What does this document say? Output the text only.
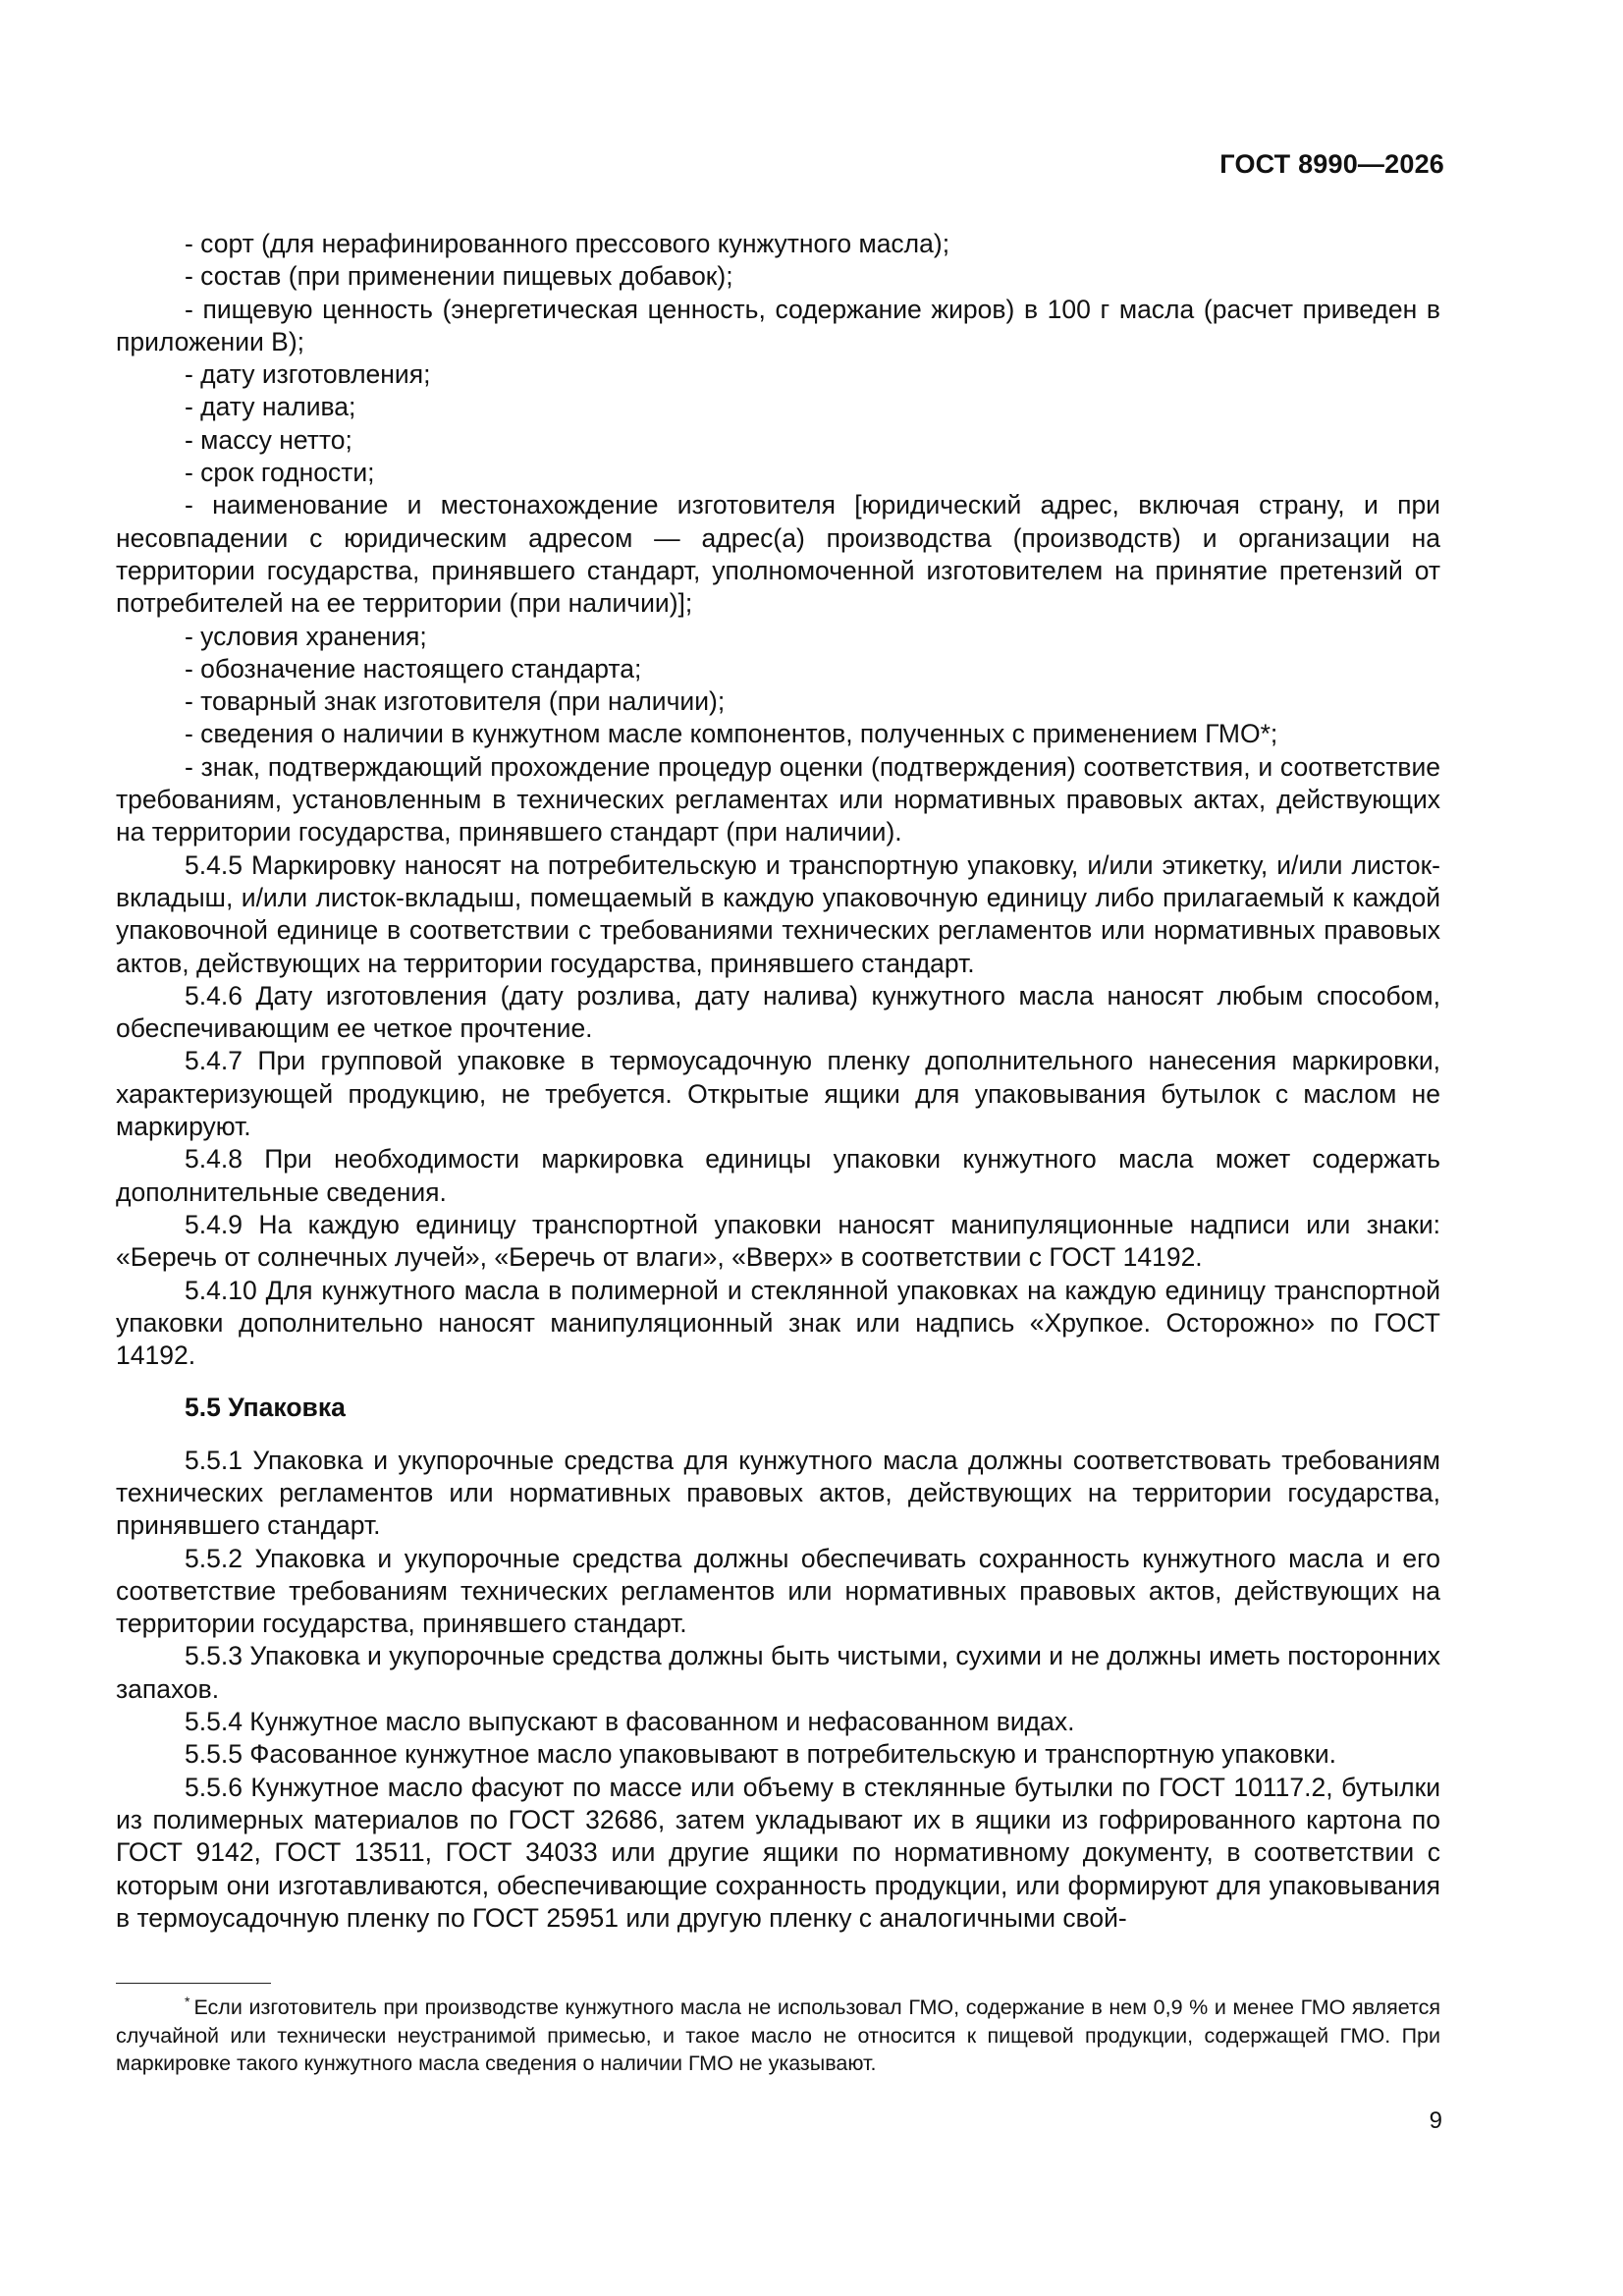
ГОСТ 8990—2026

- сорт (для нерафинированного прессового кунжутного масла);

- состав (при применении пищевых добавок);

- пищевую ценность (энергетическая ценность, содержание жиров) в 100 г масла (расчет приведен в приложении В);

- дату изготовления;

- дату налива;

- массу нетто;

- срок годности;

- наименование и местонахождение изготовителя [юридический адрес, включая страну, и при несовпадении с юридическим адресом — адрес(а) производства (производств) и организации на территории государства, принявшего стандарт, уполномоченной изготовителем на принятие претензий от потребителей на ее территории (при наличии)];

- условия хранения;

- обозначение настоящего стандарта;

- товарный знак изготовителя (при наличии);

- сведения о наличии в кунжутном масле компонентов, полученных с применением ГМО*;

- знак, подтверждающий прохождение процедур оценки (подтверждения) соответствия, и соответствие требованиям, установленным в технических регламентах или нормативных правовых актах, действующих на территории государства, принявшего стандарт (при наличии).

5.4.5 Маркировку наносят на потребительскую и транспортную упаковку, и/или этикетку, и/или листок-вкладыш, и/или листок-вкладыш, помещаемый в каждую упаковочную единицу либо прилагаемый к каждой упаковочной единице в соответствии с требованиями технических регламентов или нормативных правовых актов, действующих на территории государства, принявшего стандарт.

5.4.6 Дату изготовления (дату розлива, дату налива) кунжутного масла наносят любым способом, обеспечивающим ее четкое прочтение.

5.4.7 При групповой упаковке в термоусадочную пленку дополнительного нанесения маркировки, характеризующей продукцию, не требуется. Открытые ящики для упаковывания бутылок с маслом не маркируют.

5.4.8 При необходимости маркировка единицы упаковки кунжутного масла может содержать дополнительные сведения.

5.4.9 На каждую единицу транспортной упаковки наносят манипуляционные надписи или знаки: «Беречь от солнечных лучей», «Беречь от влаги», «Вверх» в соответствии с ГОСТ 14192.

5.4.10 Для кунжутного масла в полимерной и стеклянной упаковках на каждую единицу транспортной упаковки дополнительно наносят манипуляционный знак или надпись «Хрупкое. Осторожно» по ГОСТ 14192.

5.5 Упаковка

5.5.1 Упаковка и укупорочные средства для кунжутного масла должны соответствовать требованиям технических регламентов или нормативных правовых актов, действующих на территории государства, принявшего стандарт.

5.5.2 Упаковка и укупорочные средства должны обеспечивать сохранность кунжутного масла и его соответствие требованиям технических регламентов или нормативных правовых актов, действующих на территории государства, принявшего стандарт.

5.5.3 Упаковка и укупорочные средства должны быть чистыми, сухими и не должны иметь посторонних запахов.

5.5.4 Кунжутное масло выпускают в фасованном и нефасованном видах.

5.5.5 Фасованное кунжутное масло упаковывают в потребительскую и транспортную упаковки.

5.5.6 Кунжутное масло фасуют по массе или объему в стеклянные бутылки по ГОСТ 10117.2, бутылки из полимерных материалов по ГОСТ 32686, затем укладывают их в ящики из гофрированного картона по ГОСТ 9142, ГОСТ 13511, ГОСТ 34033 или другие ящики по нормативному документу, в соответствии с которым они изготавливаются, обеспечивающие сохранность продукции, или формируют для упаковывания в термоусадочную пленку по ГОСТ 25951 или другую пленку с аналогичными свой-

* Если изготовитель при производстве кунжутного масла не использовал ГМО, содержание в нем 0,9 % и менее ГМО является случайной или технически неустранимой примесью, и такое масло не относится к пищевой продукции, содержащей ГМО. При маркировке такого кунжутного масла сведения о наличии ГМО не указывают.

9
